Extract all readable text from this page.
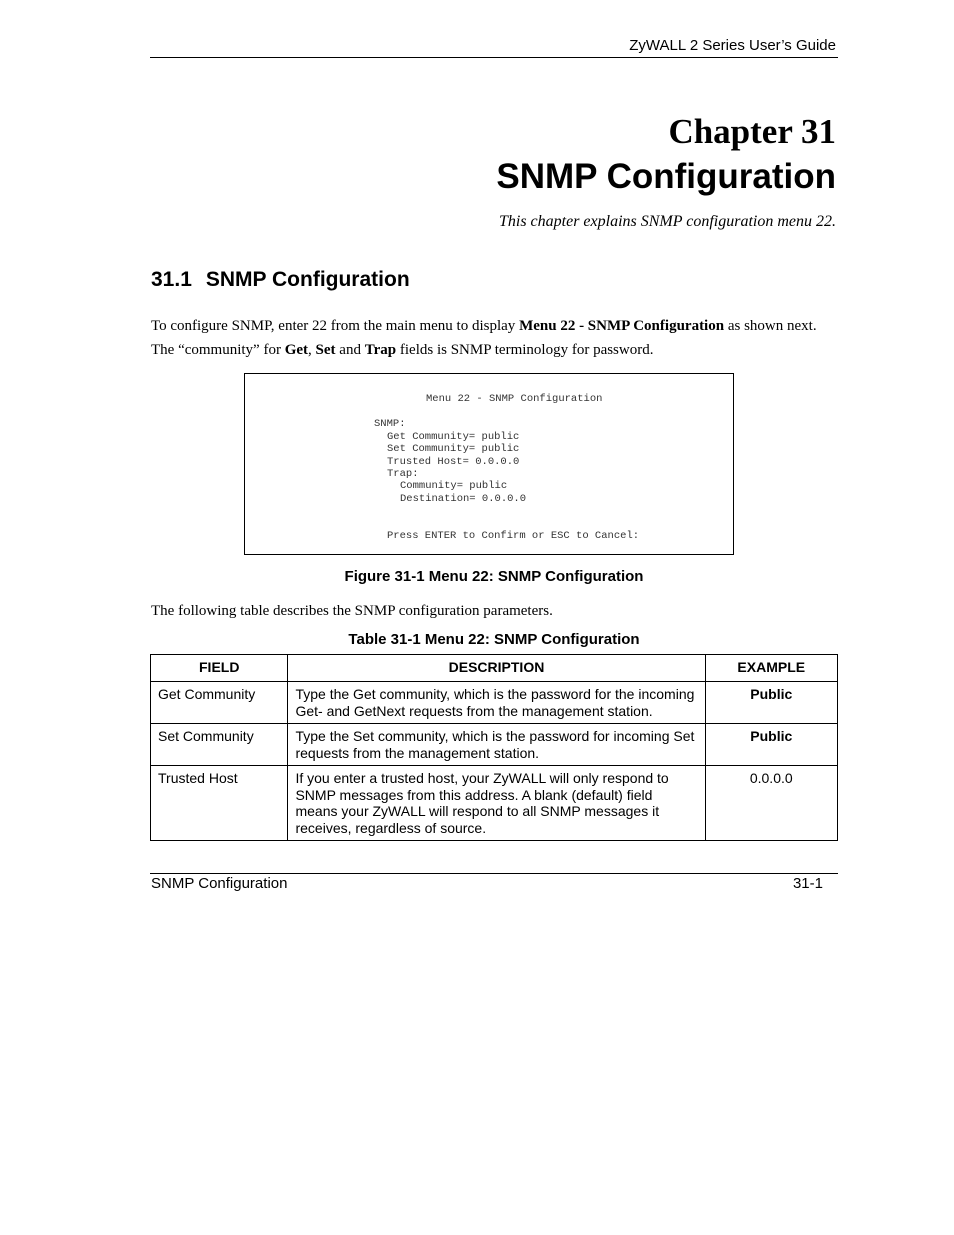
ZyWALL 2 Series User’s Guide
Chapter 31
SNMP Configuration
This chapter explains SNMP configuration menu 22.
31.1 SNMP Configuration
To configure SNMP, enter 22 from the main menu to display Menu 22 - SNMP Configuration as shown next. The “community” for Get, Set and Trap fields is SNMP terminology for password.
Menu 22 - SNMP Configuration
SNMP:
Get Community= public
Set Community= public
Trusted Host= 0.0.0.0
Trap:
Community= public
Destination= 0.0.0.0
Press ENTER to Confirm or ESC to Cancel:
Figure 31-1 Menu 22: SNMP Configuration
The following table describes the SNMP configuration parameters.
Table 31-1 Menu 22: SNMP Configuration
FIELD	DESCRIPTION	EXAMPLE
Get Community	Type the Get community, which is the password for the incoming Get- and GetNext requests from the management station.	Public
Set Community	Type the Set community, which is the password for incoming Set requests from the management station.	Public
Trusted Host	If you enter a trusted host, your ZyWALL will only respond to SNMP messages from this address. A blank (default) field means your ZyWALL will respond to all SNMP messages it receives, regardless of source.	0.0.0.0
SNMP Configuration	31-1
